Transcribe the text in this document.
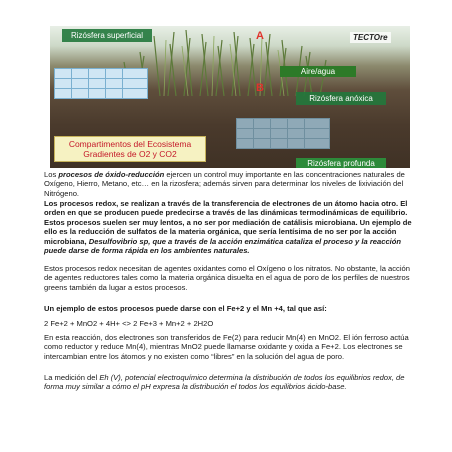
Rizósfera superficial	A	TECTOre
Aire/agua
B
Rizósfera anóxica

Compartimentos del Ecosistema Gradientes de O2 y CO2
Rizósfera profunda

Los procesos de óxido-reducción ejercen un control muy importante en las concentraciones naturales de Oxígeno, Hierro, Metano, etc… en la rizosfera; además sirven para determinar los niveles de lixiviación del Nitrógeno.

Los procesos redox, se realizan a través de la transferencia de electrones de un átomo hacia otro. El orden en que se producen puede predecirse a través de las dinámicas termodinámicas de equilibrio. Estos procesos suelen ser muy lentos, a no ser por mediación de catálisis microbiana. Un ejemplo de ello es la reducción de sulfatos de la materia orgánica, que sería lentísima de no ser por la acción microbiana, Desulfovibrio sp, que a través de la acción enzimática cataliza el proceso y la reacción puede darse de forma rápida en los ambientes naturales.

Estos procesos redox necesitan de agentes oxidantes como el Oxígeno o los nitratos. No obstante, la acción de agentes reductores tales como la materia orgánica disuelta en el agua de poro de los perfiles de nuestros greens también da lugar a estos procesos.

Un ejemplo de estos procesos puede darse con el Fe+2 y el Mn +4, tal que así:

2 Fe+2 + MnO2 + 4H+ <> 2 Fe+3 + Mn+2 + 2H2O

En esta reacción, dos electrones son transferidos de Fe(2) para reducir Mn(4) en MnO2. El ión ferroso actúa como reductor y reduce Mn(4), mientras MnO2 puede llamarse oxidante y oxida a Fe+2. Los electrones se intercambian entre los átomos y no existen como “libres” en la solución del agua de poro.

La medición del Eh (V), potencial electroquímico determina la distribución de todos los equilibrios redox, de forma muy similar a cómo el pH expresa la distribución el todos los equilibrios ácido-base.
